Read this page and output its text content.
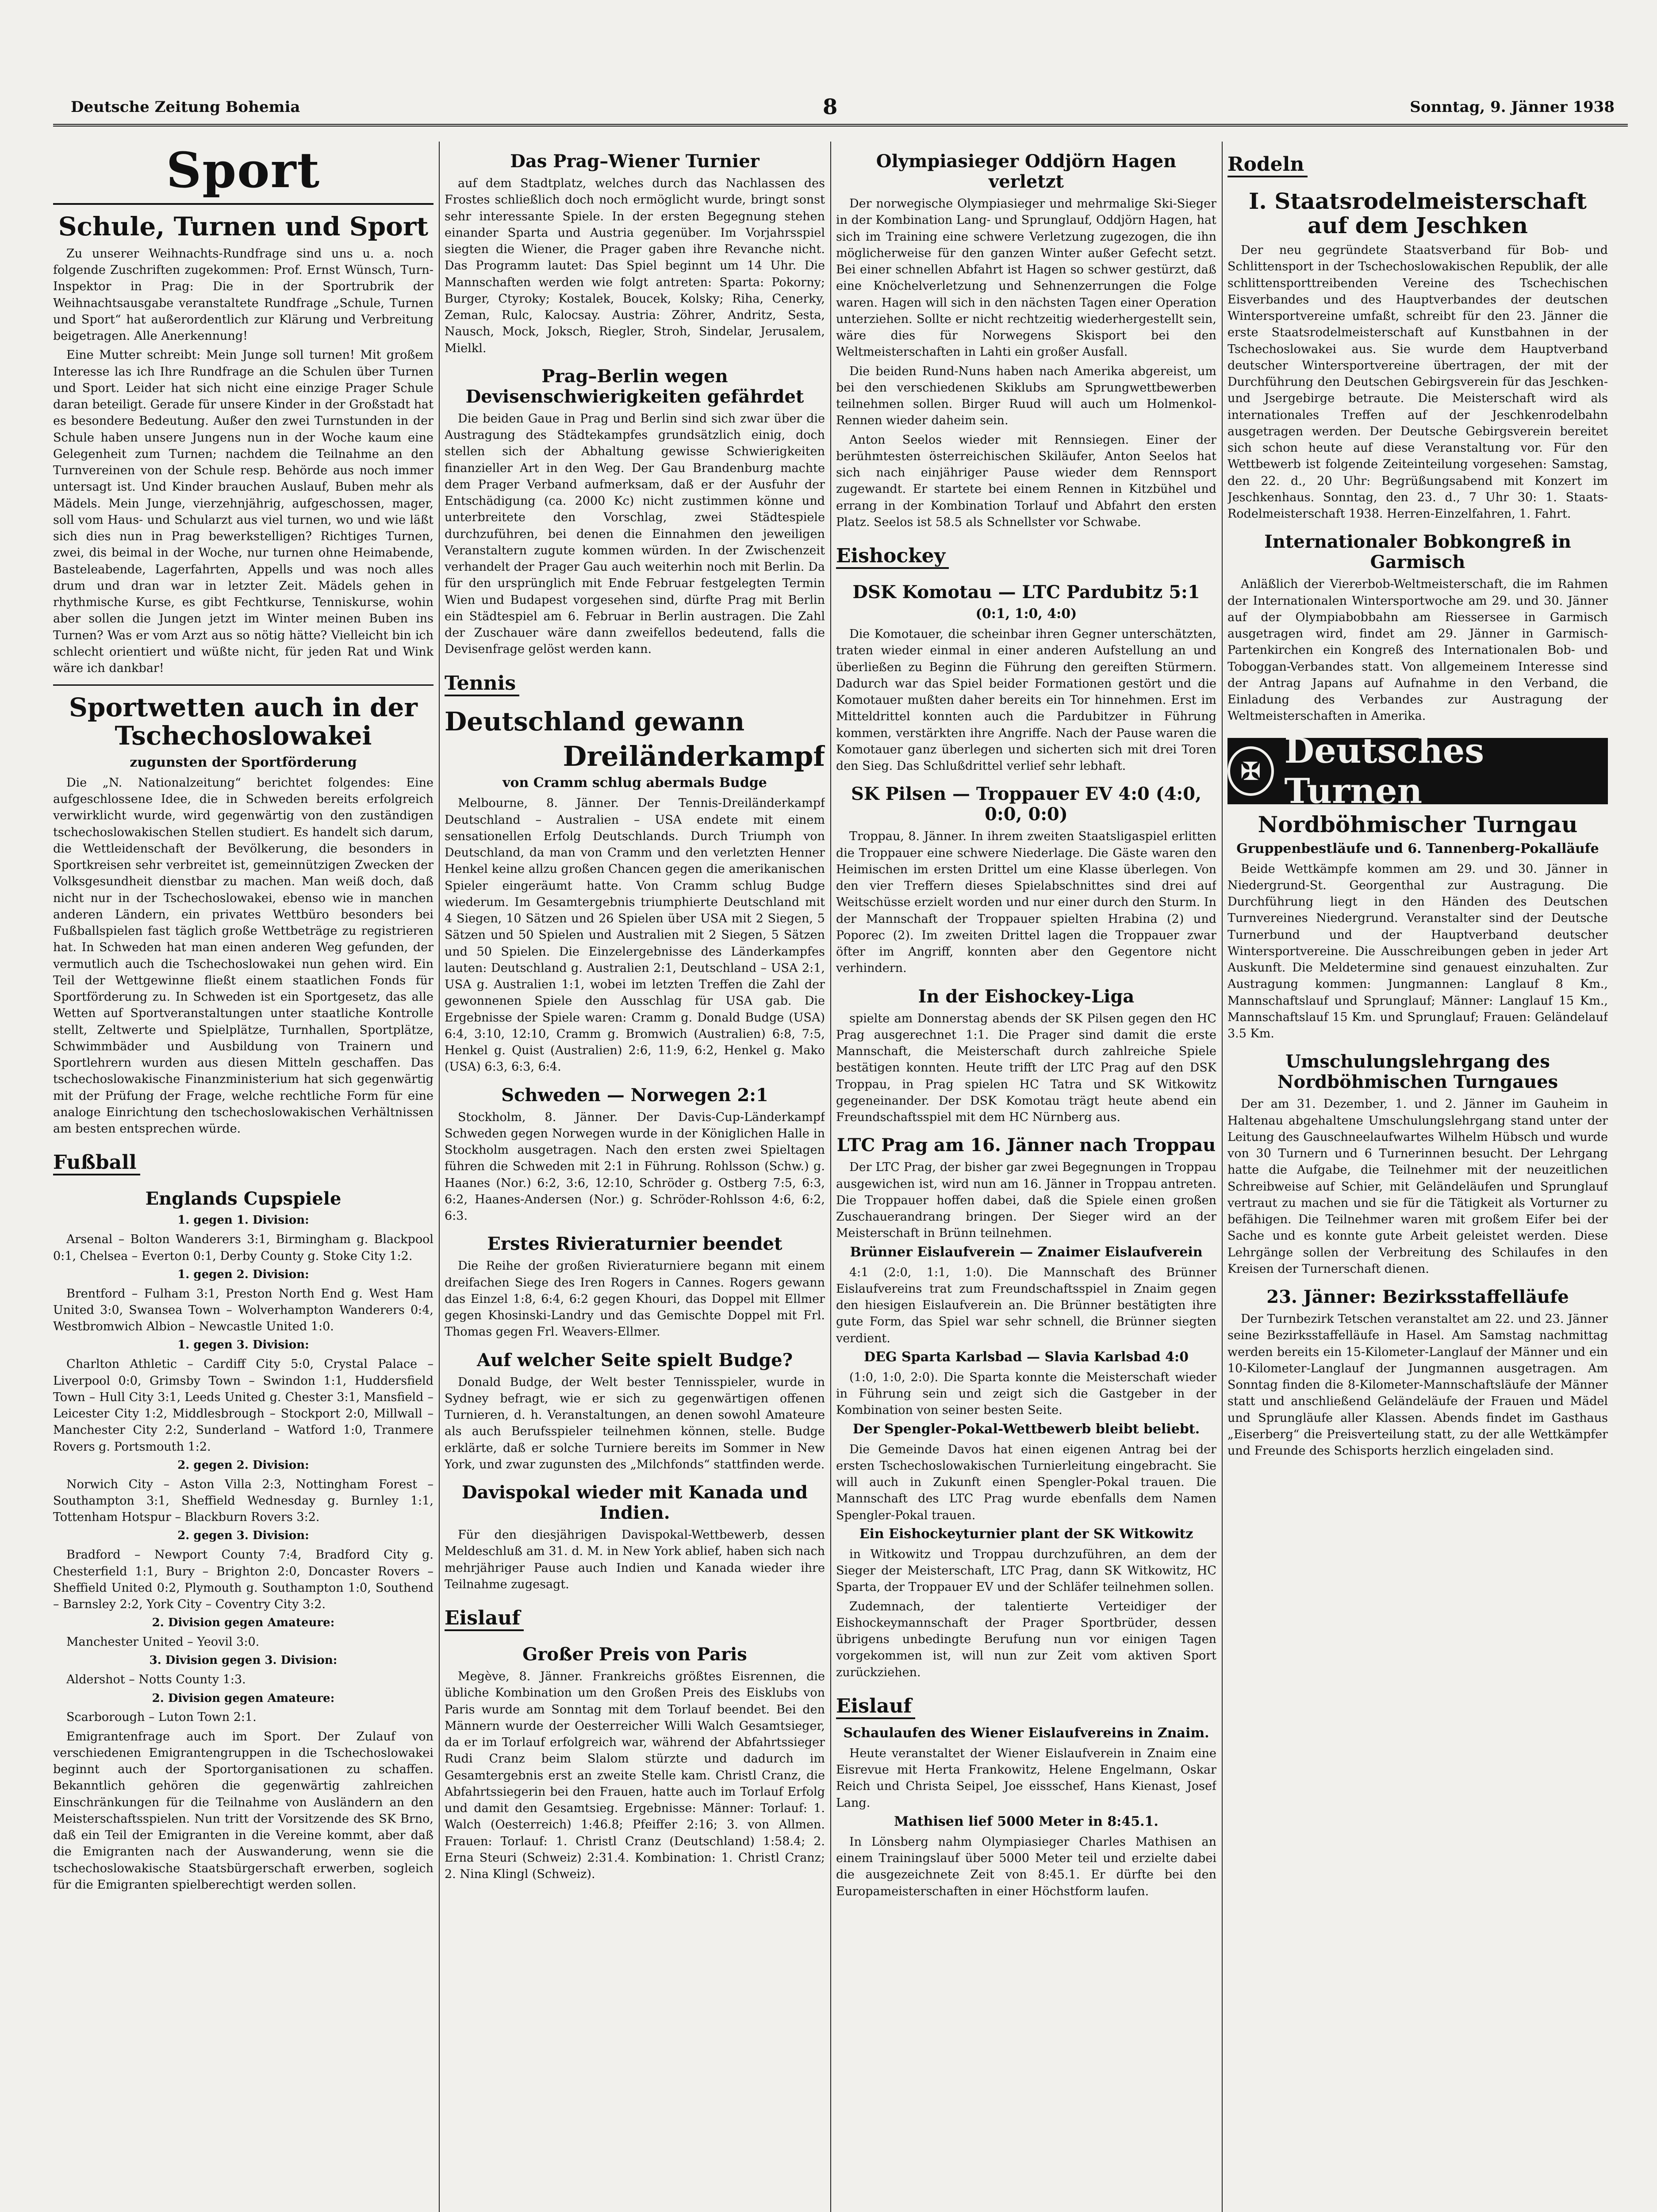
Deutsche Zeitung Bohemia	8	Sonntag, 9. Jänner 1938
Sport
Schule, Turnen und Sport

Zu unserer Weihnachts-Rundfrage sind uns u. a. noch folgende Zuschriften zugekommen: Prof. Ernst Wünsch, Turn-Inspektor in Prag: Die in der Sportrubrik der Weihnachtsausgabe veranstaltete Rundfrage „Schule, Turnen und Sport“ hat außerordentlich zur Klärung und Verbreitung beigetragen. Alle Anerkennung!

Eine Mutter schreibt: Mein Junge soll turnen! Mit großem Interesse las ich Ihre Rundfrage an die Schulen über Turnen und Sport. Leider hat sich nicht eine einzige Prager Schule daran beteiligt. Gerade für unsere Kinder in der Großstadt hat es besondere Bedeutung. Außer den zwei Turnstunden in der Schule haben unsere Jungens nun in der Woche kaum eine Gelegenheit zum Turnen; nachdem die Teilnahme an den Turnvereinen von der Schule resp. Behörde aus noch immer untersagt ist. Und Kinder brauchen Auslauf, Buben mehr als Mädels. Mein Junge, vierzehnjährig, aufgeschossen, mager, soll vom Haus- und Schularzt aus viel turnen, wo und wie läßt sich dies nun in Prag bewerkstelligen? Richtiges Turnen, zwei, dis beimal in der Woche, nur turnen ohne Heimabende, Basteleabende, Lagerfahrten, Appells und was noch alles drum und dran war in letzter Zeit. Mädels gehen in rhythmische Kurse, es gibt Fechtkurse, Tenniskurse, wohin aber sollen die Jungen jetzt im Winter meinen Buben ins Turnen? Was er vom Arzt aus so nötig hätte? Vielleicht bin ich schlecht orientiert und wüßte nicht, für jeden Rat und Wink wäre ich dankbar!

Sportwetten auch in der Tschechoslowakei
zugunsten der Sportförderung

Die „N. Nationalzeitung“ berichtet folgendes: Eine aufgeschlossene Idee, die in Schweden bereits erfolgreich verwirklicht wurde, wird gegenwärtig von den zuständigen tschechoslowakischen Stellen studiert. Es handelt sich darum, die Wettleidenschaft der Bevölkerung, die besonders in Sportkreisen sehr verbreitet ist, gemeinnützigen Zwecken der Volksgesundheit dienstbar zu machen. Man weiß doch, daß nicht nur in der Tschechoslowakei, ebenso wie in manchen anderen Ländern, ein privates Wettbüro besonders bei Fußballspielen fast täglich große Wettbeträge zu registrieren hat. In Schweden hat man einen anderen Weg gefunden, der vermutlich auch die Tschechoslowakei nun gehen wird. Ein Teil der Wettgewinne fließt einem staatlichen Fonds für Sportförderung zu. In Schweden ist ein Sportgesetz, das alle Wetten auf Sportveranstaltungen unter staatliche Kontrolle stellt, Zeltwerte und Spielplätze, Turnhallen, Sportplätze, Schwimmbäder und Ausbildung von Trainern und Sportlehrern wurden aus diesen Mitteln geschaffen. Das tschechoslowakische Finanzministerium hat sich gegenwärtig mit der Prüfung der Frage, welche rechtliche Form für eine analoge Einrichtung den tschechoslowakischen Verhältnissen am besten entsprechen würde.

Fußball
Englands Cupspiele

1. gegen 1. Division:

Arsenal – Bolton Wanderers 3:1, Birmingham g. Blackpool 0:1, Chelsea – Everton 0:1, Derby County g. Stoke City 1:2.

1. gegen 2. Division:

Brentford – Fulham 3:1, Preston North End g. West Ham United 3:0, Swansea Town – Wolverhampton Wanderers 0:4, Westbromwich Albion – Newcastle United 1:0.

1. gegen 3. Division:

Charlton Athletic – Cardiff City 5:0, Crystal Palace – Liverpool 0:0, Grimsby Town – Swindon 1:1, Huddersfield Town – Hull City 3:1, Leeds United g. Chester 3:1, Mansfield – Leicester City 1:2, Middlesbrough – Stockport 2:0, Millwall – Manchester City 2:2, Sunderland – Watford 1:0, Tranmere Rovers g. Portsmouth 1:2.

2. gegen 2. Division:

Norwich City – Aston Villa 2:3, Nottingham Forest – Southampton 3:1, Sheffield Wednesday g. Burnley 1:1, Tottenham Hotspur – Blackburn Rovers 3:2.

2. gegen 3. Division:

Bradford – Newport County 7:4, Bradford City g. Chesterfield 1:1, Bury – Brighton 2:0, Doncaster Rovers – Sheffield United 0:2, Plymouth g. Southampton 1:0, Southend – Barnsley 2:2, York City – Coventry City 3:2.

2. Division gegen Amateure:

Manchester United – Yeovil 3:0.

3. Division gegen 3. Division:

Aldershot – Notts County 1:3.

2. Division gegen Amateure:

Scarborough – Luton Town 2:1.

Emigrantenfrage auch im Sport. Der Zulauf von verschiedenen Emigrantengruppen in die Tschechoslowakei beginnt auch der Sportorganisationen zu schaffen. Bekanntlich gehören die gegenwärtig zahlreichen Einschränkungen für die Teilnahme von Ausländern an den Meisterschaftsspielen. Nun tritt der Vorsitzende des SK Brno, daß ein Teil der Emigranten in die Vereine kommt, aber daß die Emigranten nach der Auswanderung, wenn sie die tschechoslowakische Staatsbürgerschaft erwerben, sogleich für die Emigranten spielberechtigt werden sollen.

Das Prag–Wiener Turnier

auf dem Stadtplatz, welches durch das Nachlassen des Frostes schließlich doch noch ermöglicht wurde, bringt sonst sehr interessante Spiele. In der ersten Begegnung stehen einander Sparta und Austria gegenüber. Im Vorjahrsspiel siegten die Wiener, die Prager gaben ihre Revanche nicht. Das Programm lautet: Das Spiel beginnt um 14 Uhr. Die Mannschaften werden wie folgt antreten: Sparta: Pokorny; Burger, Ctyroky; Kostalek, Boucek, Kolsky; Riha, Cenerky, Zeman, Rulc, Kalocsay. Austria: Zöhrer, Andritz, Sesta, Nausch, Mock, Joksch, Riegler, Stroh, Sindelar, Jerusalem, Mielkl.

Prag–Berlin wegen Devisenschwierigkeiten gefährdet

Die beiden Gaue in Prag und Berlin sind sich zwar über die Austragung des Städtekampfes grundsätzlich einig, doch stellen sich der Abhaltung gewisse Schwierigkeiten finanzieller Art in den Weg. Der Gau Brandenburg machte dem Prager Verband aufmerksam, daß er der Ausfuhr der Entschädigung (ca. 2000 Kc) nicht zustimmen könne und unterbreitete den Vorschlag, zwei Städtespiele durchzuführen, bei denen die Einnahmen den jeweiligen Veranstaltern zugute kommen würden. In der Zwischenzeit verhandelt der Prager Gau auch weiterhin noch mit Berlin. Da für den ursprünglich mit Ende Februar festgelegten Termin Wien und Budapest vorgesehen sind, dürfte Prag mit Berlin ein Städtespiel am 6. Februar in Berlin austragen. Die Zahl der Zuschauer wäre dann zweifellos bedeutend, falls die Devisenfrage gelöst werden kann.

Tennis
Deutschland gewann
Dreiländerkampf
von Cramm schlug abermals Budge

Melbourne, 8. Jänner. Der Tennis-Dreiländerkampf Deutschland – Australien – USA endete mit einem sensationellen Erfolg Deutschlands. Durch Triumph von Deutschland, da man von Cramm und den verletzten Henner Henkel keine allzu großen Chancen gegen die amerikanischen Spieler eingeräumt hatte. Von Cramm schlug Budge wiederum. Im Gesamtergebnis triumphierte Deutschland mit 4 Siegen, 10 Sätzen und 26 Spielen über USA mit 2 Siegen, 5 Sätzen und 50 Spielen und Australien mit 2 Siegen, 5 Sätzen und 50 Spielen. Die Einzelergebnisse des Länderkampfes lauten: Deutschland g. Australien 2:1, Deutschland – USA 2:1, USA g. Australien 1:1, wobei im letzten Treffen die Zahl der gewonnenen Spiele den Ausschlag für USA gab. Die Ergebnisse der Spiele waren: Cramm g. Donald Budge (USA) 6:4, 3:10, 12:10, Cramm g. Bromwich (Australien) 6:8, 7:5, Henkel g. Quist (Australien) 2:6, 11:9, 6:2, Henkel g. Mako (USA) 6:3, 6:3, 6:4.

Schweden — Norwegen 2:1

Stockholm, 8. Jänner. Der Davis-Cup-Länderkampf Schweden gegen Norwegen wurde in der Königlichen Halle in Stockholm ausgetragen. Nach den ersten zwei Spieltagen führen die Schweden mit 2:1 in Führung. Rohlsson (Schw.) g. Haanes (Nor.) 6:2, 3:6, 12:10, Schröder g. Ostberg 7:5, 6:3, 6:2, Haanes-Andersen (Nor.) g. Schröder-Rohlsson 4:6, 6:2, 6:3.

Erstes Rivieraturnier beendet

Die Reihe der großen Rivieraturniere begann mit einem dreifachen Siege des Iren Rogers in Cannes. Rogers gewann das Einzel 1:8, 6:4, 6:2 gegen Khouri, das Doppel mit Ellmer gegen Khosinski-Landry und das Gemischte Doppel mit Frl. Thomas gegen Frl. Weavers-Ellmer.

Auf welcher Seite spielt Budge?

Donald Budge, der Welt bester Tennisspieler, wurde in Sydney befragt, wie er sich zu gegenwärtigen offenen Turnieren, d. h. Veranstaltungen, an denen sowohl Amateure als auch Berufsspieler teilnehmen können, stelle. Budge erklärte, daß er solche Turniere bereits im Sommer in New York, und zwar zugunsten des „Milchfonds“ stattfinden werde.

Davispokal wieder mit Kanada und Indien.

Für den diesjährigen Davispokal-Wettbewerb, dessen Meldeschluß am 31. d. M. in New York ablief, haben sich nach mehrjähriger Pause auch Indien und Kanada wieder ihre Teilnahme zugesagt.

Eislauf
Großer Preis von Paris

Megève, 8. Jänner. Frankreichs größtes Eisrennen, die übliche Kombination um den Großen Preis des Eisklubs von Paris wurde am Sonntag mit dem Torlauf beendet. Bei den Männern wurde der Oesterreicher Willi Walch Gesamtsieger, da er im Torlauf erfolgreich war, während der Abfahrtssieger Rudi Cranz beim Slalom stürzte und dadurch im Gesamtergebnis erst an zweite Stelle kam. Christl Cranz, die Abfahrtssiegerin bei den Frauen, hatte auch im Torlauf Erfolg und damit den Gesamtsieg. Ergebnisse: Männer: Torlauf: 1. Walch (Oesterreich) 1:46.8; Pfeiffer 2:16; 3. von Allmen. Frauen: Torlauf: 1. Christl Cranz (Deutschland) 1:58.4; 2. Erna Steuri (Schweiz) 2:31.4. Kombination: 1. Christl Cranz; 2. Nina Klingl (Schweiz).

Olympiasieger Oddjörn Hagen verletzt

Der norwegische Olympiasieger und mehrmalige Ski-Sieger in der Kombination Lang- und Sprunglauf, Oddjörn Hagen, hat sich im Training eine schwere Verletzung zugezogen, die ihn möglicherweise für den ganzen Winter außer Gefecht setzt. Bei einer schnellen Abfahrt ist Hagen so schwer gestürzt, daß eine Knöchelverletzung und Sehnenzerrungen die Folge waren. Hagen will sich in den nächsten Tagen einer Operation unterziehen. Sollte er nicht rechtzeitig wiederhergestellt sein, wäre dies für Norwegens Skisport bei den Weltmeisterschaften in Lahti ein großer Ausfall.

Die beiden Rund-Nuns haben nach Amerika abgereist, um bei den verschiedenen Skiklubs am Sprungwettbewerben teilnehmen sollen. Birger Ruud will auch um Holmenkol-Rennen wieder daheim sein.

Anton Seelos wieder mit Rennsiegen. Einer der berühmtesten österreichischen Skiläufer, Anton Seelos hat sich nach einjähriger Pause wieder dem Rennsport zugewandt. Er startete bei einem Rennen in Kitzbühel und errang in der Kombination Torlauf und Abfahrt den ersten Platz. Seelos ist 58.5 als Schnellster vor Schwabe.

Eishockey
DSK Komotau — LTC Pardubitz 5:1
(0:1, 1:0, 4:0)

Die Komotauer, die scheinbar ihren Gegner unterschätzten, traten wieder einmal in einer anderen Aufstellung an und überließen zu Beginn die Führung den gereiften Stürmern. Dadurch war das Spiel beider Formationen gestört und die Komotauer mußten daher bereits ein Tor hinnehmen. Erst im Mitteldrittel konnten auch die Pardubitzer in Führung kommen, verstärkten ihre Angriffe. Nach der Pause waren die Komotauer ganz überlegen und sicherten sich mit drei Toren den Sieg. Das Schlußdrittel verlief sehr lebhaft.

SK Pilsen — Troppauer EV 4:0 (4:0, 0:0, 0:0)

Troppau, 8. Jänner. In ihrem zweiten Staatsligaspiel erlitten die Troppauer eine schwere Niederlage. Die Gäste waren den Heimischen im ersten Drittel um eine Klasse überlegen. Von den vier Treffern dieses Spielabschnittes sind drei auf Weitschüsse erzielt worden und nur einer durch den Sturm. In der Mannschaft der Troppauer spielten Hrabina (2) und Poporec (2). Im zweiten Drittel lagen die Troppauer zwar öfter im Angriff, konnten aber den Gegentore nicht verhindern.

In der Eishockey-Liga

spielte am Donnerstag abends der SK Pilsen gegen den HC Prag ausgerechnet 1:1. Die Prager sind damit die erste Mannschaft, die Meisterschaft durch zahlreiche Spiele bestätigen konnten. Heute trifft der LTC Prag auf den DSK Troppau, in Prag spielen HC Tatra und SK Witkowitz gegeneinander. Der DSK Komotau trägt heute abend ein Freundschaftsspiel mit dem HC Nürnberg aus.

LTC Prag am 16. Jänner nach Troppau

Der LTC Prag, der bisher gar zwei Begegnungen in Troppau ausgewichen ist, wird nun am 16. Jänner in Troppau antreten. Die Troppauer hoffen dabei, daß die Spiele einen großen Zuschauerandrang bringen. Der Sieger wird an der Meisterschaft in Brünn teilnehmen.

Brünner Eislaufverein — Znaimer Eislaufverein

4:1 (2:0, 1:1, 1:0). Die Mannschaft des Brünner Eislaufvereins trat zum Freundschaftsspiel in Znaim gegen den hiesigen Eislaufverein an. Die Brünner bestätigten ihre gute Form, das Spiel war sehr schnell, die Brünner siegten verdient.

DEG Sparta Karlsbad — Slavia Karlsbad 4:0

(1:0, 1:0, 2:0). Die Sparta konnte die Meisterschaft wieder in Führung sein und zeigt sich die Gastgeber in der Kombination von seiner besten Seite.

Der Spengler-Pokal-Wettbewerb bleibt beliebt.

Die Gemeinde Davos hat einen eigenen Antrag bei der ersten Tschechoslowakischen Turnierleitung eingebracht. Sie will auch in Zukunft einen Spengler-Pokal trauen. Die Mannschaft des LTC Prag wurde ebenfalls dem Namen Spengler-Pokal trauen.

Ein Eishockeyturnier plant der SK Witkowitz

in Witkowitz und Troppau durchzuführen, an dem der Sieger der Meisterschaft, LTC Prag, dann SK Witkowitz, HC Sparta, der Troppauer EV und der Schläfer teilnehmen sollen.

Zudemnach, der talentierte Verteidiger der Eishockeymannschaft der Prager Sportbrüder, dessen übrigens unbedingte Berufung nun vor einigen Tagen vorgekommen ist, will nun zur Zeit vom aktiven Sport zurückziehen.

Eislauf
Schaulaufen des Wiener Eislaufvereins in Znaim.

Heute veranstaltet der Wiener Eislaufverein in Znaim eine Eisrevue mit Herta Frankowitz, Helene Engelmann, Oskar Reich und Christa Seipel, Joe eissschef, Hans Kienast, Josef Lang.

Mathisen lief 5000 Meter in 8:45.1.

In Lönsberg nahm Olympiasieger Charles Mathisen an einem Trainingslauf über 5000 Meter teil und erzielte dabei die ausgezeichnete Zeit von 8:45.1. Er dürfte bei den Europameisterschaften in einer Höchstform laufen.

Rodeln
I. Staatsrodelmeisterschaft auf dem Jeschken

Der neu gegründete Staatsverband für Bob- und Schlittensport in der Tschechoslowakischen Republik, der alle schlittensporttreibenden Vereine des Tschechischen Eisverbandes und des Hauptverbandes der deutschen Wintersportvereine umfaßt, schreibt für den 23. Jänner die erste Staatsrodelmeisterschaft auf Kunstbahnen in der Tschechoslowakei aus. Sie wurde dem Hauptverband deutscher Wintersportvereine übertragen, der mit der Durchführung den Deutschen Gebirgsverein für das Jeschken- und Jsergebirge betraute. Die Meisterschaft wird als internationales Treffen auf der Jeschkenrodelbahn ausgetragen werden. Der Deutsche Gebirgsverein bereitet sich schon heute auf diese Veranstaltung vor. Für den Wettbewerb ist folgende Zeiteinteilung vorgesehen: Samstag, den 22. d., 20 Uhr: Begrüßungsabend mit Konzert im Jeschkenhaus. Sonntag, den 23. d., 7 Uhr 30: 1. Staats-Rodelmeisterschaft 1938. Herren-Einzelfahren, 1. Fahrt.

Internationaler Bobkongreß in Garmisch

Anläßlich der Viererbob-Weltmeisterschaft, die im Rahmen der Internationalen Wintersportwoche am 29. und 30. Jänner auf der Olympiabobbahn am Riessersee in Garmisch ausgetragen wird, findet am 29. Jänner in Garmisch-Partenkirchen ein Kongreß des Internationalen Bob- und Toboggan-Verbandes statt. Von allgemeinem Interesse sind der Antrag Japans auf Aufnahme in den Verband, die Einladung des Verbandes zur Austragung der Weltmeisterschaften in Amerika.

✠ Deutsches Turnen
Nordböhmischer Turngau
Gruppenbestläufe und 6. Tannenberg-Pokalläufe

Beide Wettkämpfe kommen am 29. und 30. Jänner in Niedergrund-St. Georgenthal zur Austragung. Die Durchführung liegt in den Händen des Deutschen Turnvereines Niedergrund. Veranstalter sind der Deutsche Turnerbund und der Hauptverband deutscher Wintersportvereine. Die Ausschreibungen geben in jeder Art Auskunft. Die Meldetermine sind genauest einzuhalten. Zur Austragung kommen: Jungmannen: Langlauf 8 Km., Mannschaftslauf und Sprunglauf; Männer: Langlauf 15 Km., Mannschaftslauf 15 Km. und Sprunglauf; Frauen: Geländelauf 3.5 Km.

Umschulungslehrgang des Nordböhmischen Turngaues

Der am 31. Dezember, 1. und 2. Jänner im Gauheim in Haltenau abgehaltene Umschulungslehrgang stand unter der Leitung des Gauschneelaufwartes Wilhelm Hübsch und wurde von 30 Turnern und 6 Turnerinnen besucht. Der Lehrgang hatte die Aufgabe, die Teilnehmer mit der neuzeitlichen Schreibweise auf Schier, mit Geländeläufen und Sprunglauf vertraut zu machen und sie für die Tätigkeit als Vorturner zu befähigen. Die Teilnehmer waren mit großem Eifer bei der Sache und es konnte gute Arbeit geleistet werden. Diese Lehrgänge sollen der Verbreitung des Schilaufes in den Kreisen der Turnerschaft dienen.

23. Jänner: Bezirksstaffelläufe

Der Turnbezirk Tetschen veranstaltet am 22. und 23. Jänner seine Bezirksstaffelläufe in Hasel. Am Samstag nachmittag werden bereits ein 15-Kilometer-Langlauf der Männer und ein 10-Kilometer-Langlauf der Jungmannen ausgetragen. Am Sonntag finden die 8-Kilometer-Mannschaftsläufe der Männer statt und anschließend Geländeläufe der Frauen und Mädel und Sprungläufe aller Klassen. Abends findet im Gasthaus „Eiserberg“ die Preisverteilung statt, zu der alle Wettkämpfer und Freunde des Schisports herzlich eingeladen sind.
